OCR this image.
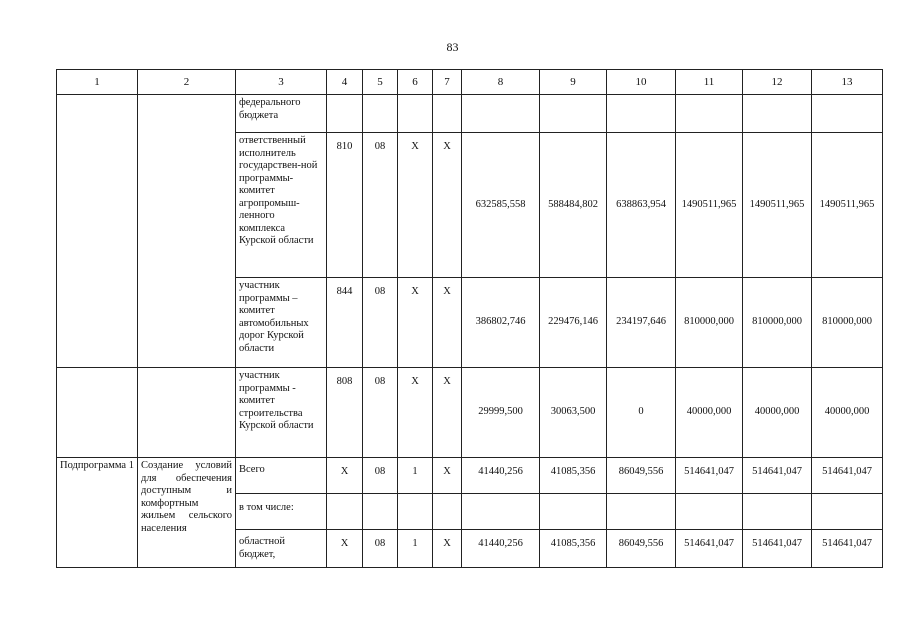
83
1	2	3	4	5	6	7	8	9	10	11	12	13
		федерального бюджета										
		ответственный исполнитель государствен-ной программы-комитет агропромыш-ленного комплекса Курской области	810	08	X	X	632585,558	588484,802	638863,954	1490511,965	1490511,965	1490511,965
		участник программы – комитет автомобильных дорог Курской области	844	08	X	X	386802,746	229476,146	234197,646	810000,000	810000,000	810000,000
		участник программы - комитет строительства Курской области	808	08	X	X	29999,500	30063,500	0	40000,000	40000,000	40000,000
Подпрограмма 1	Создание условий для обеспечения доступным и комфортным жильем сельского населения	Всего	X	08	1	X	41440,256	41085,356	86049,556	514641,047	514641,047	514641,047
		в том числе:										
		областной бюджет,	X	08	1	X	41440,256	41085,356	86049,556	514641,047	514641,047	514641,047
